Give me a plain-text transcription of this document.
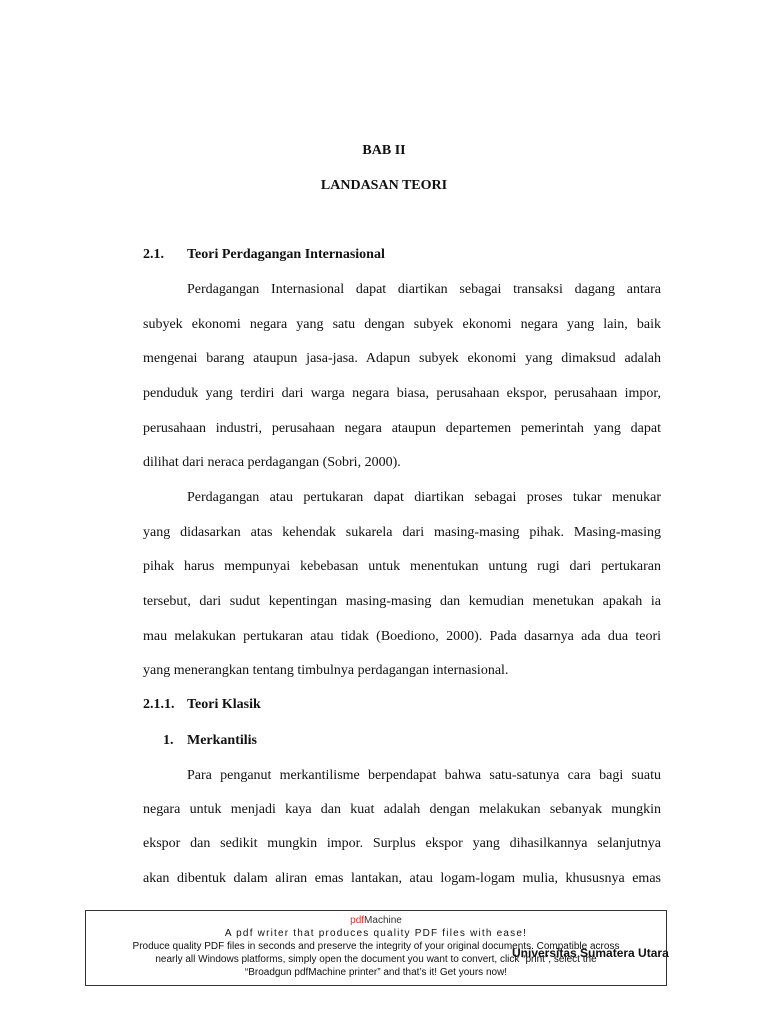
BAB II
LANDASAN TEORI
2.1. Teori Perdagangan Internasional
Perdagangan Internasional dapat diartikan sebagai transaksi dagang antara
subyek ekonomi negara yang satu dengan subyek ekonomi negara yang lain, baik
mengenai barang ataupun jasa-jasa. Adapun subyek ekonomi yang dimaksud adalah
penduduk yang terdiri dari warga negara biasa, perusahaan ekspor, perusahaan impor,
perusahaan industri, perusahaan negara ataupun departemen pemerintah yang dapat
dilihat dari neraca perdagangan (Sobri, 2000).
Perdagangan atau pertukaran dapat diartikan sebagai proses tukar menukar
yang didasarkan atas kehendak sukarela dari masing-masing pihak. Masing-masing
pihak harus mempunyai kebebasan untuk menentukan untung rugi dari pertukaran
tersebut, dari sudut kepentingan masing-masing dan kemudian menetukan apakah ia
mau melakukan pertukaran atau tidak (Boediono, 2000). Pada dasarnya ada dua teori
yang menerangkan tentang timbulnya perdagangan internasional.
2.1.1. Teori Klasik
1. Merkantilis
Para penganut merkantilisme berpendapat bahwa satu-satunya cara bagi suatu
negara untuk menjadi kaya dan kuat adalah dengan melakukan sebanyak mungkin
ekspor dan sedikit mungkin impor. Surplus ekspor yang dihasilkannya selanjutnya
akan dibentuk dalam aliran emas lantakan, atau logam-logam mulia, khususnya emas
pdfMachine
A pdf writer that produces quality PDF files with ease!
Produce quality PDF files in seconds and preserve the integrity of your original documents. Compatible across
nearly all Windows platforms, simply open the document you want to convert, click “print”, select the
“Broadgun pdfMachine printer” and that’s it! Get yours now!
Universitas Sumatera Utara
